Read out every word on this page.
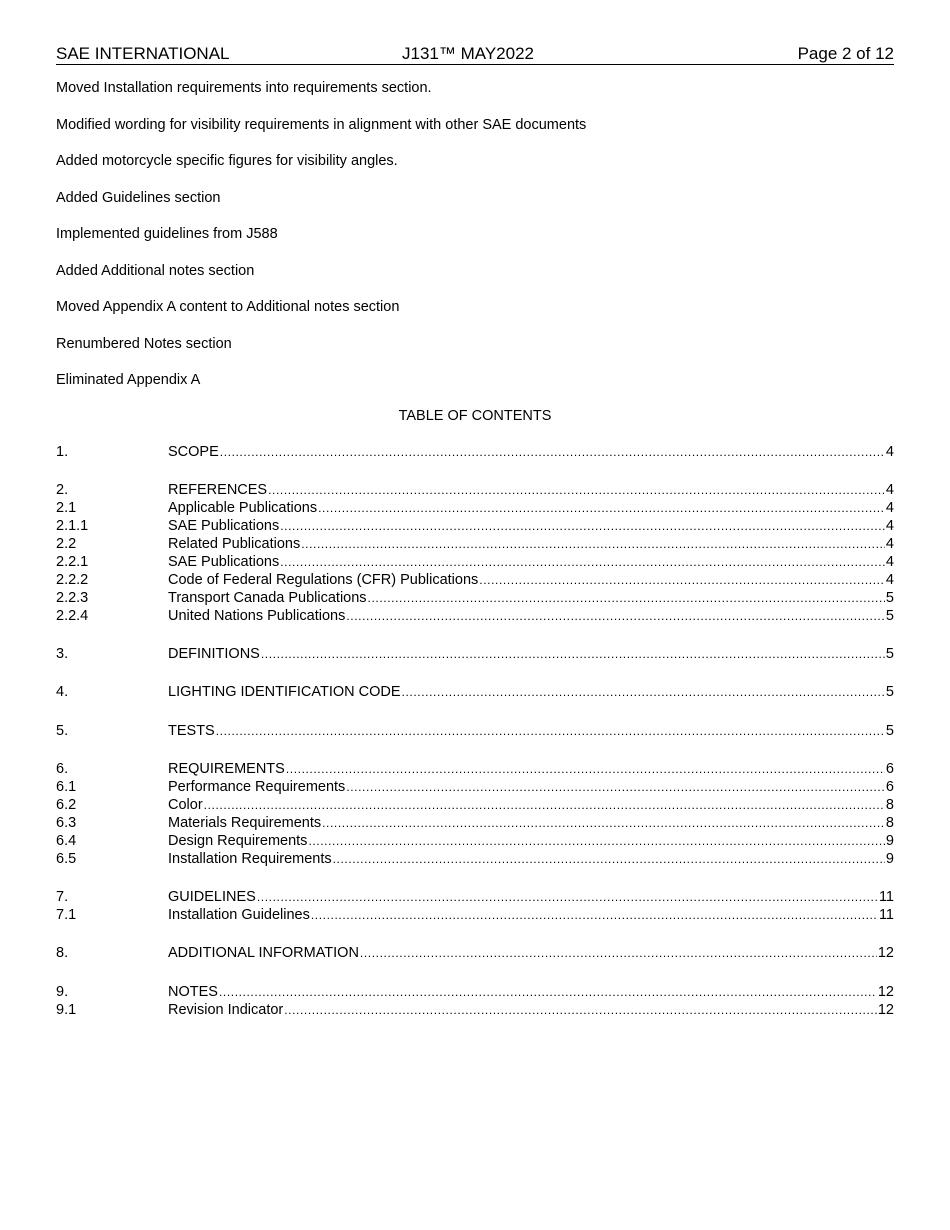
SAE INTERNATIONAL	J131™ MAY2022	Page 2 of 12
Moved Installation requirements into requirements section.
Modified wording for visibility requirements in alignment with other SAE documents
Added motorcycle specific figures for visibility angles.
Added Guidelines section
Implemented guidelines from J588
Added Additional notes section
Moved Appendix A content to Additional notes section
Renumbered Notes section
Eliminated Appendix A
TABLE OF CONTENTS
1.	SCOPE .....	4
2.	REFERENCES .....	4
2.1	Applicable Publications .....	4
2.1.1	SAE Publications .....	4
2.2	Related Publications .....	4
2.2.1	SAE Publications .....	4
2.2.2	Code of Federal Regulations (CFR) Publications .....	4
2.2.3	Transport Canada Publications .....	5
2.2.4	United Nations Publications .....	5
3.	DEFINITIONS .....	5
4.	LIGHTING IDENTIFICATION CODE .....	5
5.	TESTS .....	5
6.	REQUIREMENTS .....	6
6.1	Performance Requirements .....	6
6.2	Color .....	8
6.3	Materials Requirements .....	8
6.4	Design Requirements .....	9
6.5	Installation Requirements .....	9
7.	GUIDELINES .....	11
7.1	Installation Guidelines .....	11
8.	ADDITIONAL INFORMATION .....	12
9.	NOTES .....	12
9.1	Revision Indicator .....	12
